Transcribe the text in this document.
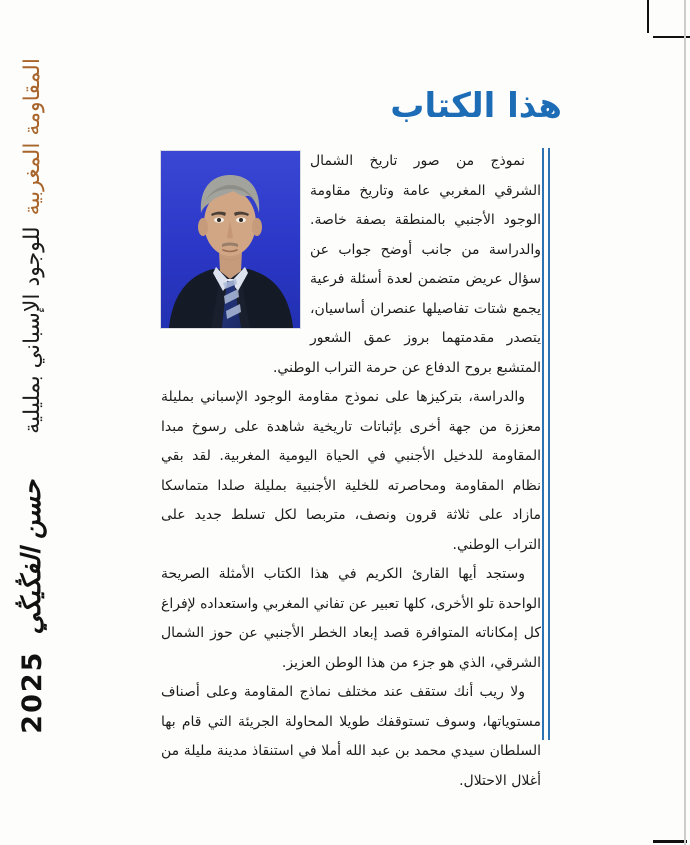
المقاومة المغربية
للوجود الإسباني بمليلية
حسن الفڭيڭي
2025
هذا الكتاب

نموذج من صور تاريخ الشمال الشرقي المغربي عامة وتاريخ مقاومة الوجود الأجنبي بالمنطقة بصفة خاصة. والدراسة من جانب أوضح جواب عن سؤال عريض متضمن لعدة أسئلة فرعية يجمع شتات تفاصيلها عنصران أساسيان، يتصدر مقدمتهما بروز عمق الشعور المتشبع بروح الدفاع عن حرمة التراب الوطني.

والدراسة، بتركيزها على نموذج مقاومة الوجود الإسباني بمليلة معززة من جهة أخرى بإثباتات تاريخية شاهدة على رسوخ مبدا المقاومة للدخيل الأجنبي في الحياة اليومية المغربية. لقد بقي نظام المقاومة ومحاصرته للخلية الأجنبية بمليلة صلدا متماسكا مازاد على ثلاثة قرون ونصف، متربصا لكل تسلط جديد على التراب الوطني.

وستجد أيها القارئ الكريم في هذا الكتاب الأمثلة الصريحة الواحدة تلو الأخرى، كلها تعبير عن تفاني المغربي واستعداده لإفراغ كل إمكاناته المتوافرة قصد إبعاد الخطر الأجنبي عن حوز الشمال الشرقي، الذي هو جزء من هذا الوطن العزيز.

ولا ريب أنك ستقف عند مختلف نماذج المقاومة وعلى أصناف مستوياتها، وسوف تستوقفك طويلا المحاولة الجريئة التي قام بها السلطان سيدي محمد بن عبد الله أملا في استنقاذ مدينة مليلة من أغلال الاحتلال.
